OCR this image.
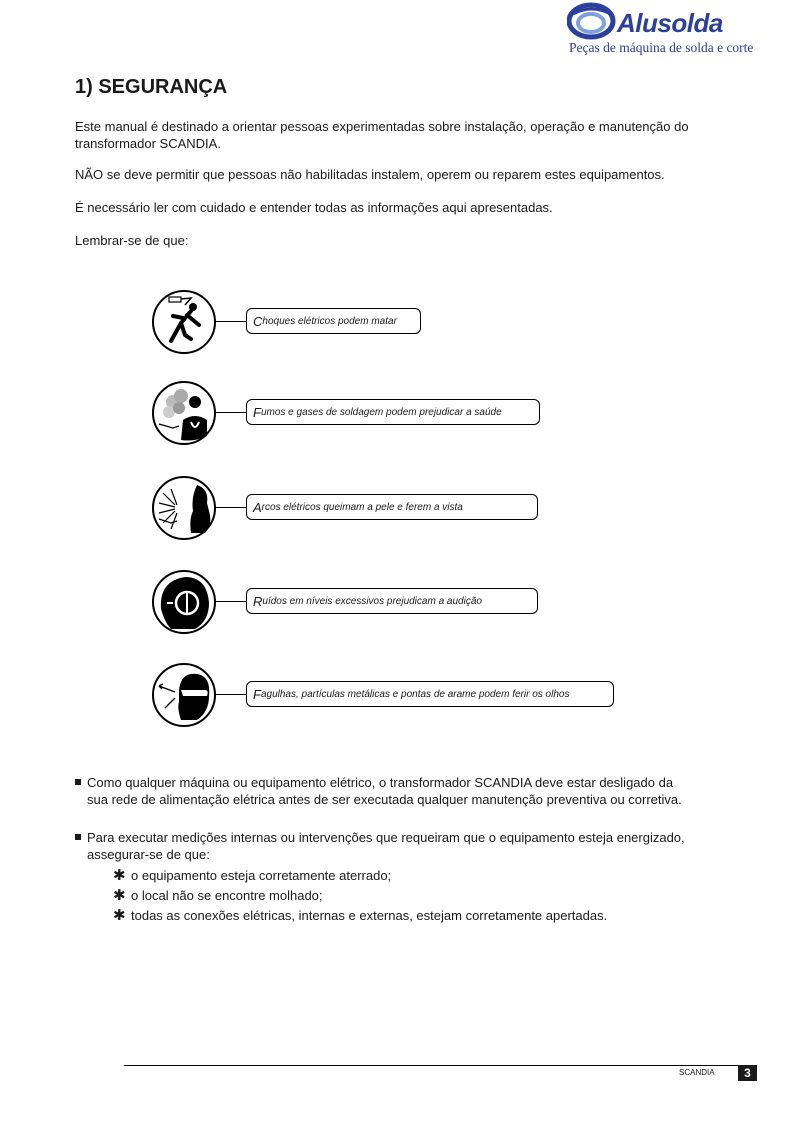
Alusolda
Peças de máquina de solda e corte
1) SEGURANÇA

Este manual é destinado a orientar pessoas experimentadas sobre instalação, operação e manutenção do transformador SCANDIA.

NÃO se deve permitir que pessoas não habilitadas instalem, operem ou reparem estes equipamentos.

É necessário ler com cuidado e entender todas as informações aqui apresentadas.

Lembrar-se de que:

C hoques elétricos podem matar
F umos e gases de soldagem podem prejudicar a saúde
A rcos elétricos queimam a pele e ferem a vista
R uídos em níveis excessivos prejudicam a audição
F agulhas, partículas metálicas e pontas de arame podem ferir os olhos

Como qualquer máquina ou equipamento elétrico, o transformador SCANDIA deve estar desligado da
sua rede de alimentação elétrica antes de ser executada qualquer manutenção preventiva ou corretiva.

Para executar medições internas ou intervenções que requeiram que o equipamento esteja energizado,
assegurar-se de que:

✱ o equipamento esteja corretamente aterrado;
✱ o local não se encontre molhado;
✱ todas as conexões elétricas, internas e externas, estejam corretamente apertadas.
SCANDIA	3
